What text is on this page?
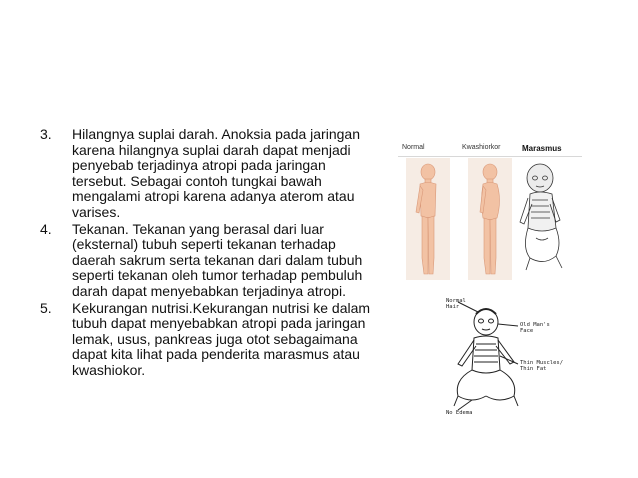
3.	Hilangnya suplai darah. Anoksia pada jaringan karena hilangnya suplai darah dapat menjadi penyebab terjadinya atropi pada jaringan tersebut. Sebagai contoh tungkai bawah mengalami atropi karena adanya aterom atau varises.
4.	Tekanan. Tekanan yang berasal dari luar (eksternal) tubuh seperti tekanan terhadap daerah sakrum serta tekanan dari dalam tubuh seperti tekanan oleh tumor terhadap pembuluh darah dapat menyebabkan terjadinya atropi.
5.	Kekurangan nutrisi.Kekurangan nutrisi ke dalam tubuh dapat menyebabkan atropi pada jaringan lemak, usus, pankreas juga otot sebagaimana dapat kita lihat pada penderita marasmus atau kwashiokor.
Normal	Kwashiorkor	Marasmus
Normal
Hair
Old Man's
Face
Thin Muscles/
Thin Fat
No Edema
